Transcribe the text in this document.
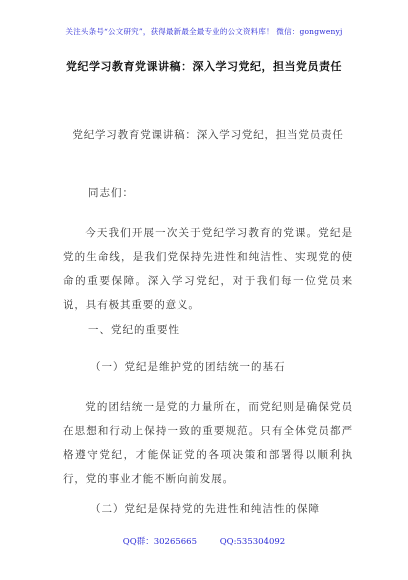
关注头条号“公文研究”，获得最新最全最专业的公文资料库！ 微信：gongwenyj
党纪学习教育党课讲稿：深入学习党纪，担当党员责任
党纪学习教育党课讲稿：深入学习党纪，担当党员责任
同志们：
今天我们开展一次关于党纪学习教育的党课。党纪是党的生命线，是我们党保持先进性和纯洁性、实现党的使命的重要保障。深入学习党纪，对于我们每一位党员来说，具有极其重要的意义。
一、党纪的重要性
（一）党纪是维护党的团结统一的基石
党的团结统一是党的力量所在，而党纪则是确保党员在思想和行动上保持一致的重要规范。只有全体党员都严格遵守党纪，才能保证党的各项决策和部署得以顺利执行，党的事业才能不断向前发展。
（二）党纪是保持党的先进性和纯洁性的保障
QQ群：30265665	QQ:535304092
